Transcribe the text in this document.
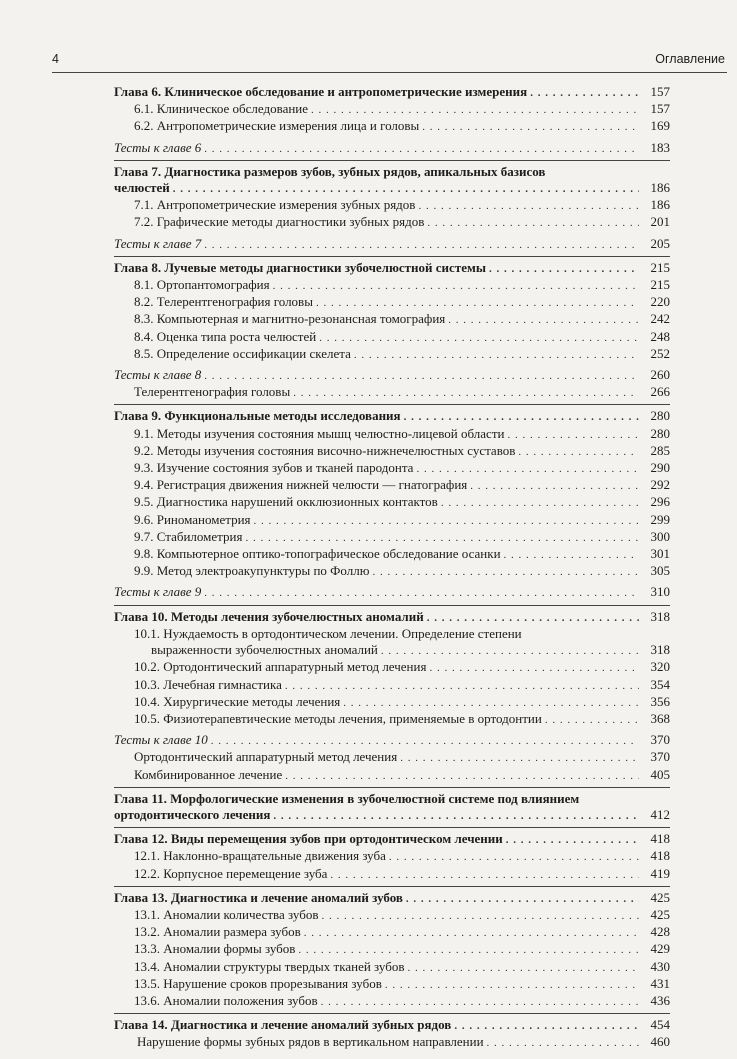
4	Оглавление
Глава 6. Клиническое обследование и антропометрические измерения . . .	157
6.1. Клиническое обследование . . .	157
6.2. Антропометрические измерения лица и головы . . .	169
Тесты к главе 6 . . .	183
Глава 7. Диагностика размеров зубов, зубных рядов, апикальных базисов
челюстей . . .	186
7.1. Антропометрические измерения зубных рядов . . .	186
7.2. Графические методы диагностики зубных рядов . . .	201
Тесты к главе 7 . . .	205
Глава 8. Лучевые методы диагностики зубочелюстной системы . . .	215
8.1. Ортопантомография . . .	215
8.2. Телерентгенография головы . . .	220
8.3. Компьютерная и магнитно-резонансная томография . . .	242
8.4. Оценка типа роста челюстей . . .	248
8.5. Определение оссификации скелета . . .	252
Тесты к главе 8 . . .	260
Телерентгенография головы . . .	266
Глава 9. Функциональные методы исследования . . .	280
9.1. Методы изучения состояния мышц челюстно-лицевой области . . .	280
9.2. Методы изучения состояния височно-нижнечелюстных суставов . . .	285
9.3. Изучение состояния зубов и тканей пародонта . . .	290
9.4. Регистрация движения нижней челюсти — гнатография . . .	292
9.5. Диагностика нарушений окклюзионных контактов . . .	296
9.6. Риноманометрия . . .	299
9.7. Стабилометрия . . .	300
9.8. Компьютерное оптико-топографическое обследование осанки . . .	301
9.9. Метод электроакупунктуры по Фоллю . . .	305
Тесты к главе 9 . . .	310
Глава 10. Методы лечения зубочелюстных аномалий . . .	318
10.1. Нуждаемость в ортодонтическом лечении. Определение степени
выраженности зубочелюстных аномалий . . .	318
10.2. Ортодонтический аппаратурный метод лечения . . .	320
10.3. Лечебная гимнастика . . .	354
10.4. Хирургические методы лечения . . .	356
10.5. Физиотерапевтические методы лечения, применяемые в ортодонтии . . .	368
Тесты к главе 10 . . .	370
Ортодонтический аппаратурный метод лечения . . .	370
Комбинированное лечение . . .	405
Глава 11. Морфологические изменения в зубочелюстной системе под влиянием
ортодонтического лечения . . .	412
Глава 12. Виды перемещения зубов при ортодонтическом лечении . . .	418
12.1. Наклонно-вращательные движения зуба . . .	418
12.2. Корпусное перемещение зуба . . .	419
Глава 13. Диагностика и лечение аномалий зубов . . .	425
13.1. Аномалии количества зубов . . .	425
13.2. Аномалии размера зубов . . .	428
13.3. Аномалии формы зубов . . .	429
13.4. Аномалии структуры твердых тканей зубов . . .	430
13.5. Нарушение сроков прорезывания зубов . . .	431
13.6. Аномалии положения зубов . . .	436
Глава 14. Диагностика и лечение аномалий зубных рядов . . .	454
Нарушение формы зубных рядов в вертикальном направлении . . .	460
